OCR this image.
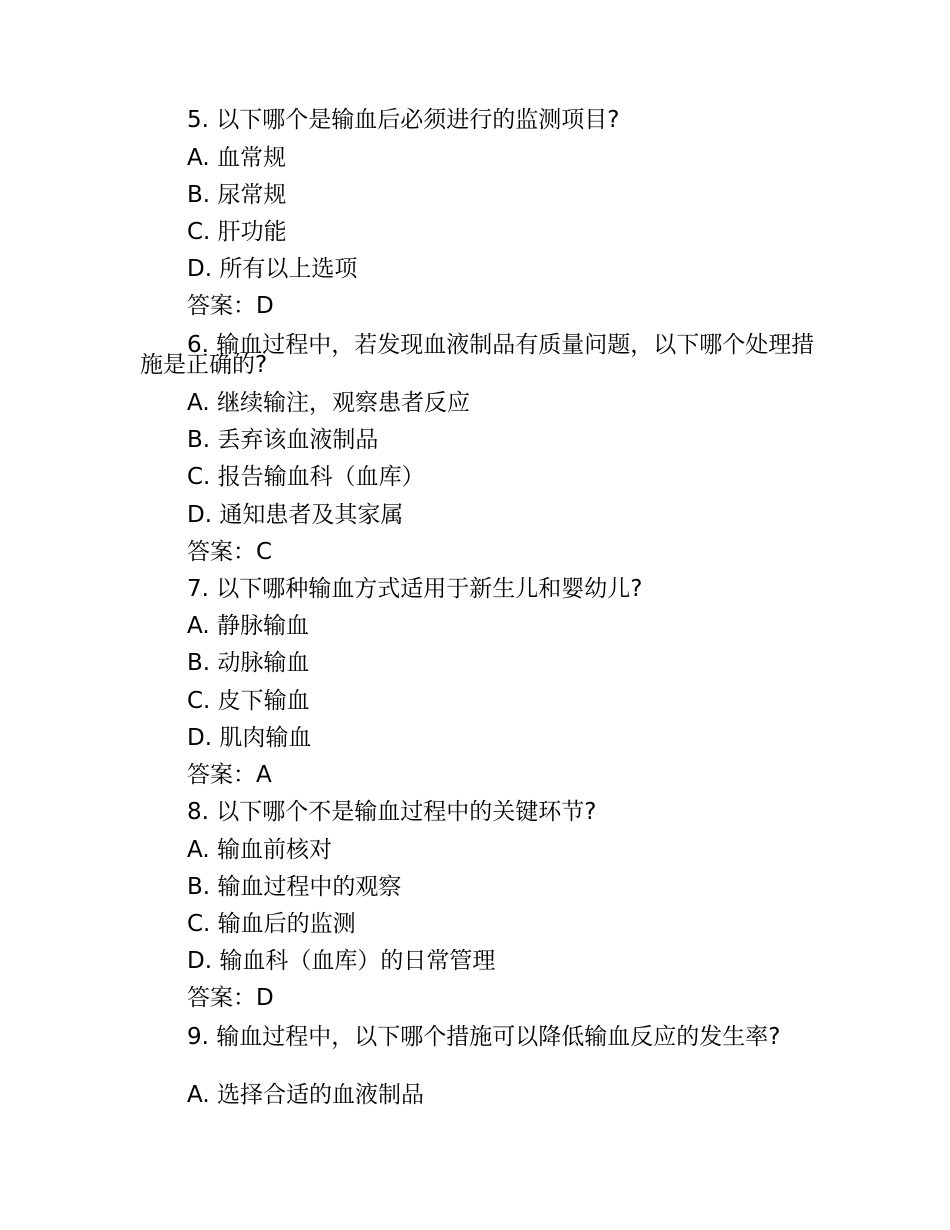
5. 以下哪个是输血后必须进行的监测项目?
A. 血常规
B. 尿常规
C. 肝功能
D. 所有以上选项
答案：D
6. 输血过程中，若发现血液制品有质量问题，以下哪个处理措施是正确的?
A. 继续输注，观察患者反应
B. 丢弃该血液制品
C. 报告输血科（血库）
D. 通知患者及其家属
答案：C
7. 以下哪种输血方式适用于新生儿和婴幼儿?
A. 静脉输血
B. 动脉输血
C. 皮下输血
D. 肌肉输血
答案：A
8. 以下哪个不是输血过程中的关键环节?
A. 输血前核对
B. 输血过程中的观察
C. 输血后的监测
D. 输血科（血库）的日常管理
答案：D
9. 输血过程中，以下哪个措施可以降低输血反应的发生率?
A. 选择合适的血液制品
